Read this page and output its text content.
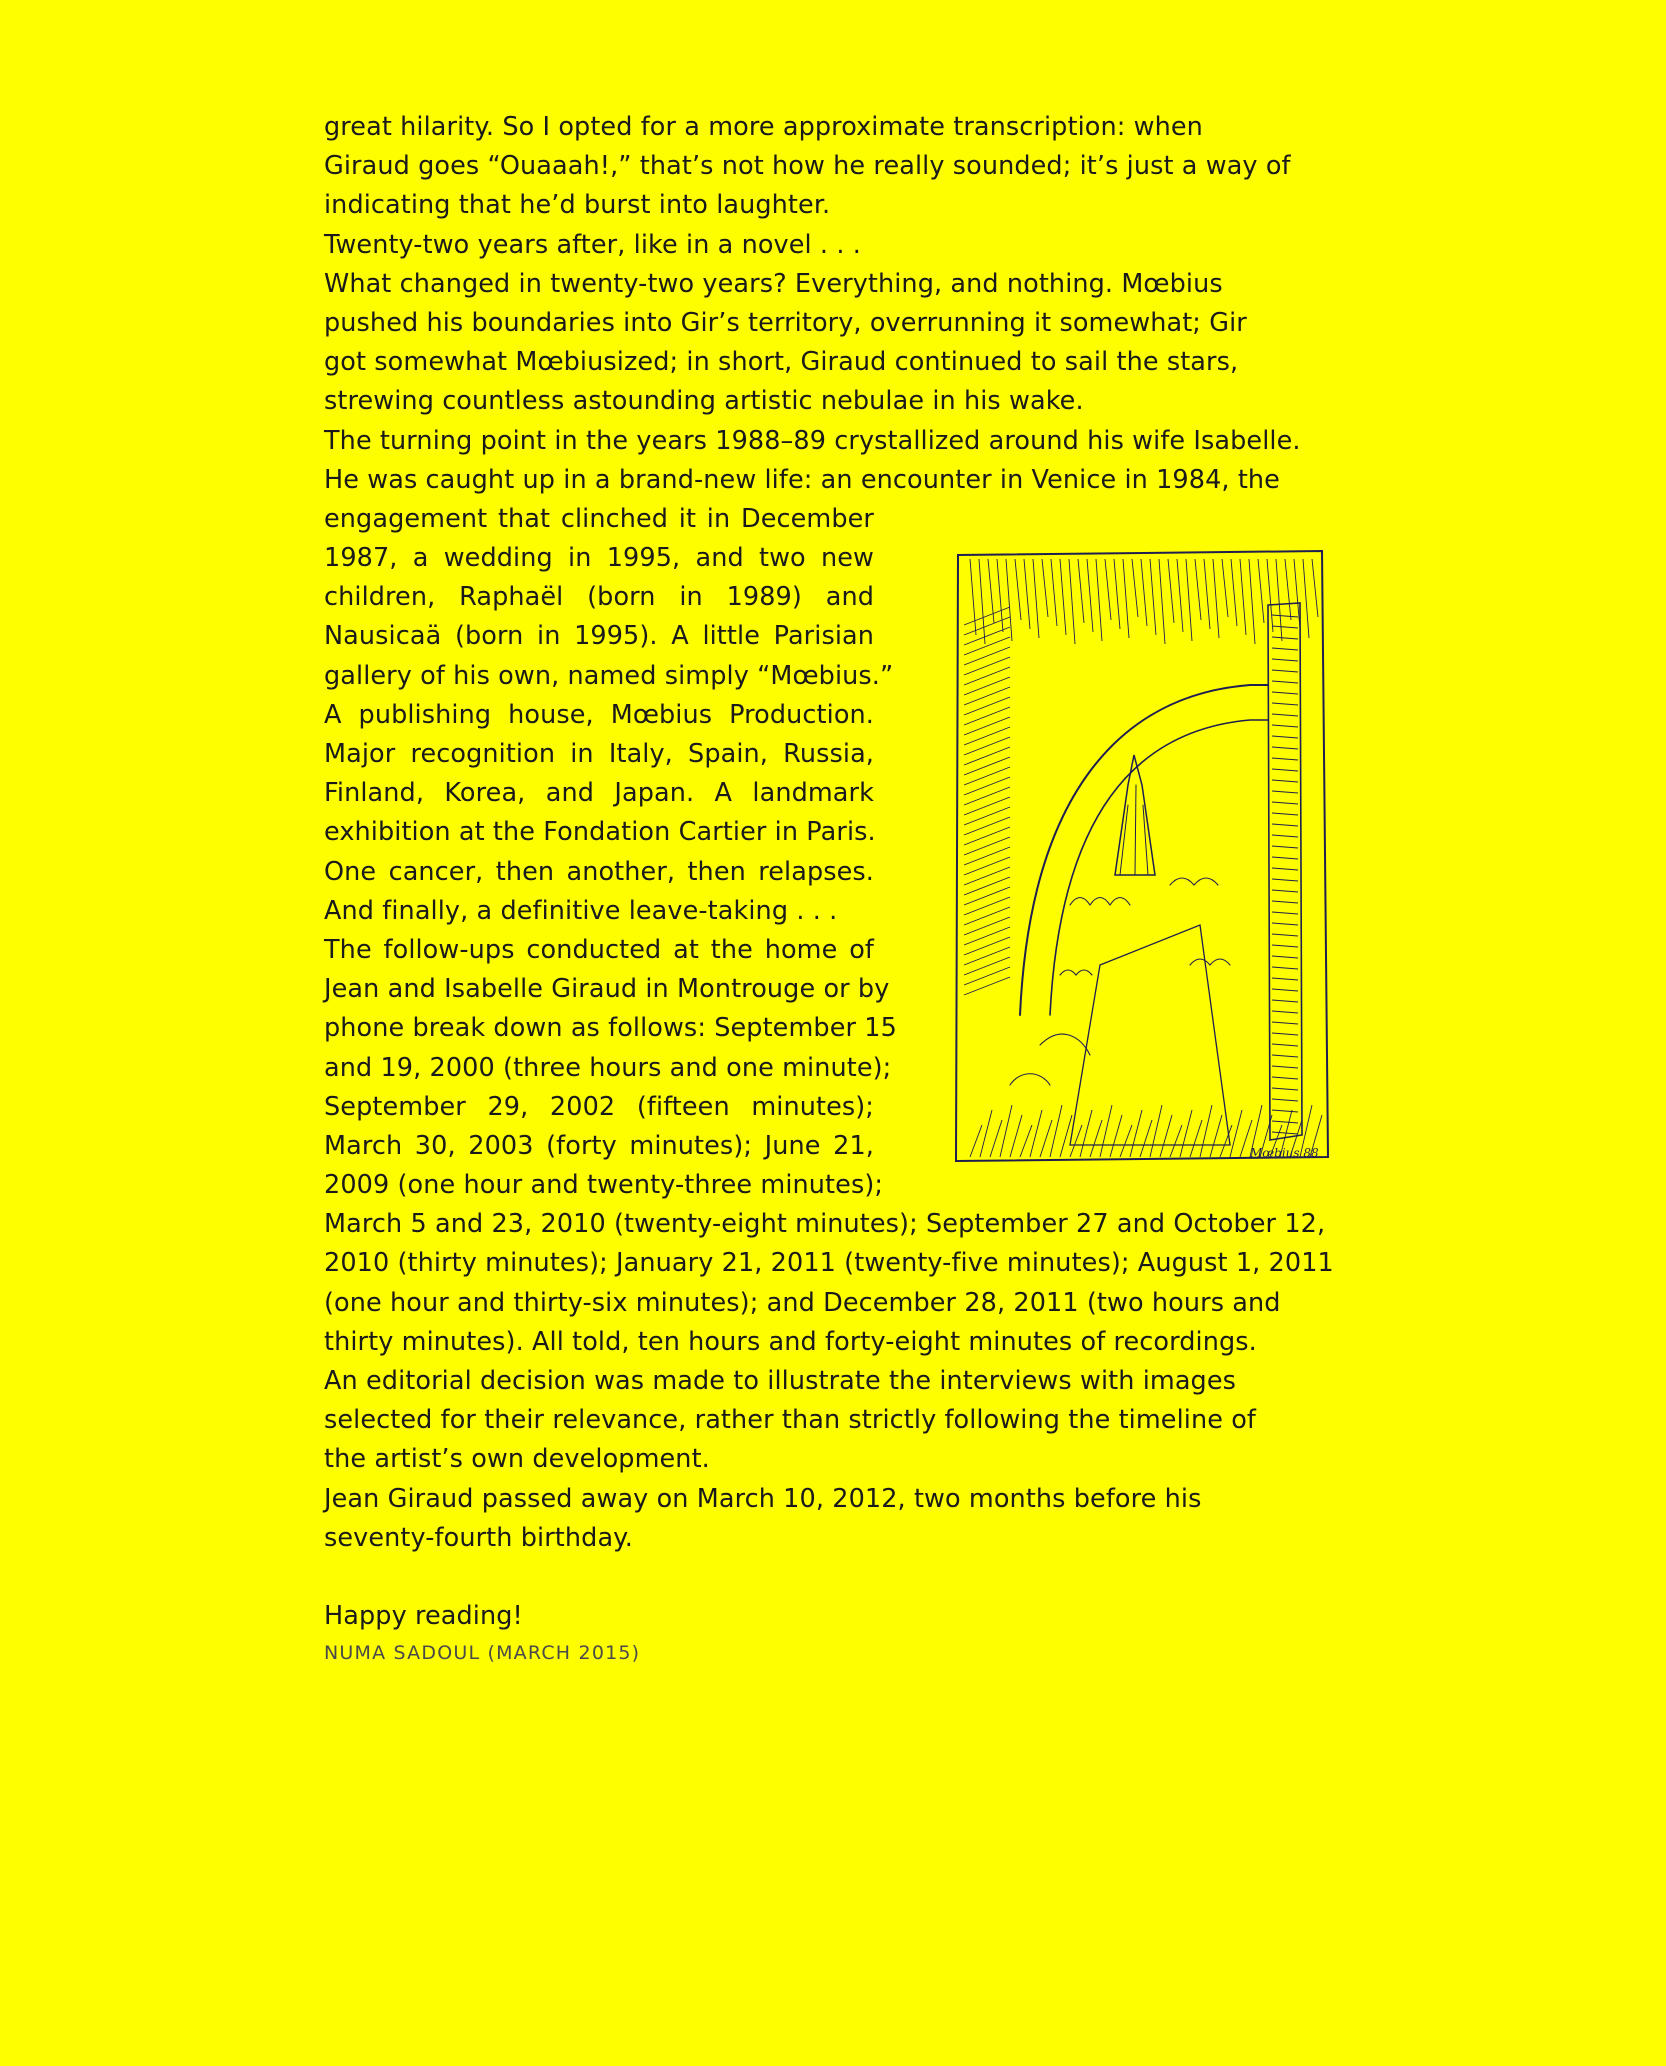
great hilarity. So I opted for a more approximate transcription: when
Giraud goes “Ouaaah!,” that’s not how he really sounded; it’s just a way of
indicating that he’d burst into laughter.
Twenty-two years after, like in a novel . . .
What changed in twenty-two years? Everything, and nothing. Mœbius
pushed his boundaries into Gir’s territory, overrunning it somewhat; Gir
got somewhat Mœbiusized; in short, Giraud continued to sail the stars,
strewing countless astounding artistic nebulae in his wake.
The turning point in the years 1988–89 crystallized around his wife Isabelle.
He was caught up in a brand-new life: an encounter in Venice in 1984, the
engagement that clinched it in December
1987, a wedding in 1995, and two new
children, Raphaël (born in 1989) and
Nausicaä (born in 1995). A little Parisian
gallery of his own, named simply “Mœbius.”
A publishing house, Mœbius Production.
Major recognition in Italy, Spain, Russia,
Finland, Korea, and Japan. A landmark
exhibition at the Fondation Cartier in Paris.
One cancer, then another, then relapses.
And finally, a definitive leave-taking . . .
The follow-ups conducted at the home of
Jean and Isabelle Giraud in Montrouge or by
phone break down as follows: September 15
and 19, 2000 (three hours and one minute);
September 29, 2002 (fifteen minutes);
March 30, 2003 (forty minutes); June 21,
2009 (one hour and twenty-three minutes);
March 5 and 23, 2010 (twenty-eight minutes); September 27 and October 12,
2010 (thirty minutes); January 21, 2011 (twenty-five minutes); August 1, 2011
(one hour and thirty-six minutes); and December 28, 2011 (two hours and
thirty minutes). All told, ten hours and forty-eight minutes of recordings.
An editorial decision was made to illustrate the interviews with images
selected for their relevance, rather than strictly following the timeline of
the artist’s own development.
Jean Giraud passed away on March 10, 2012, two months before his
seventy-fourth birthday.
Happy reading!
NUMA SADOUL (MARCH 2015)
Mœbius 88
